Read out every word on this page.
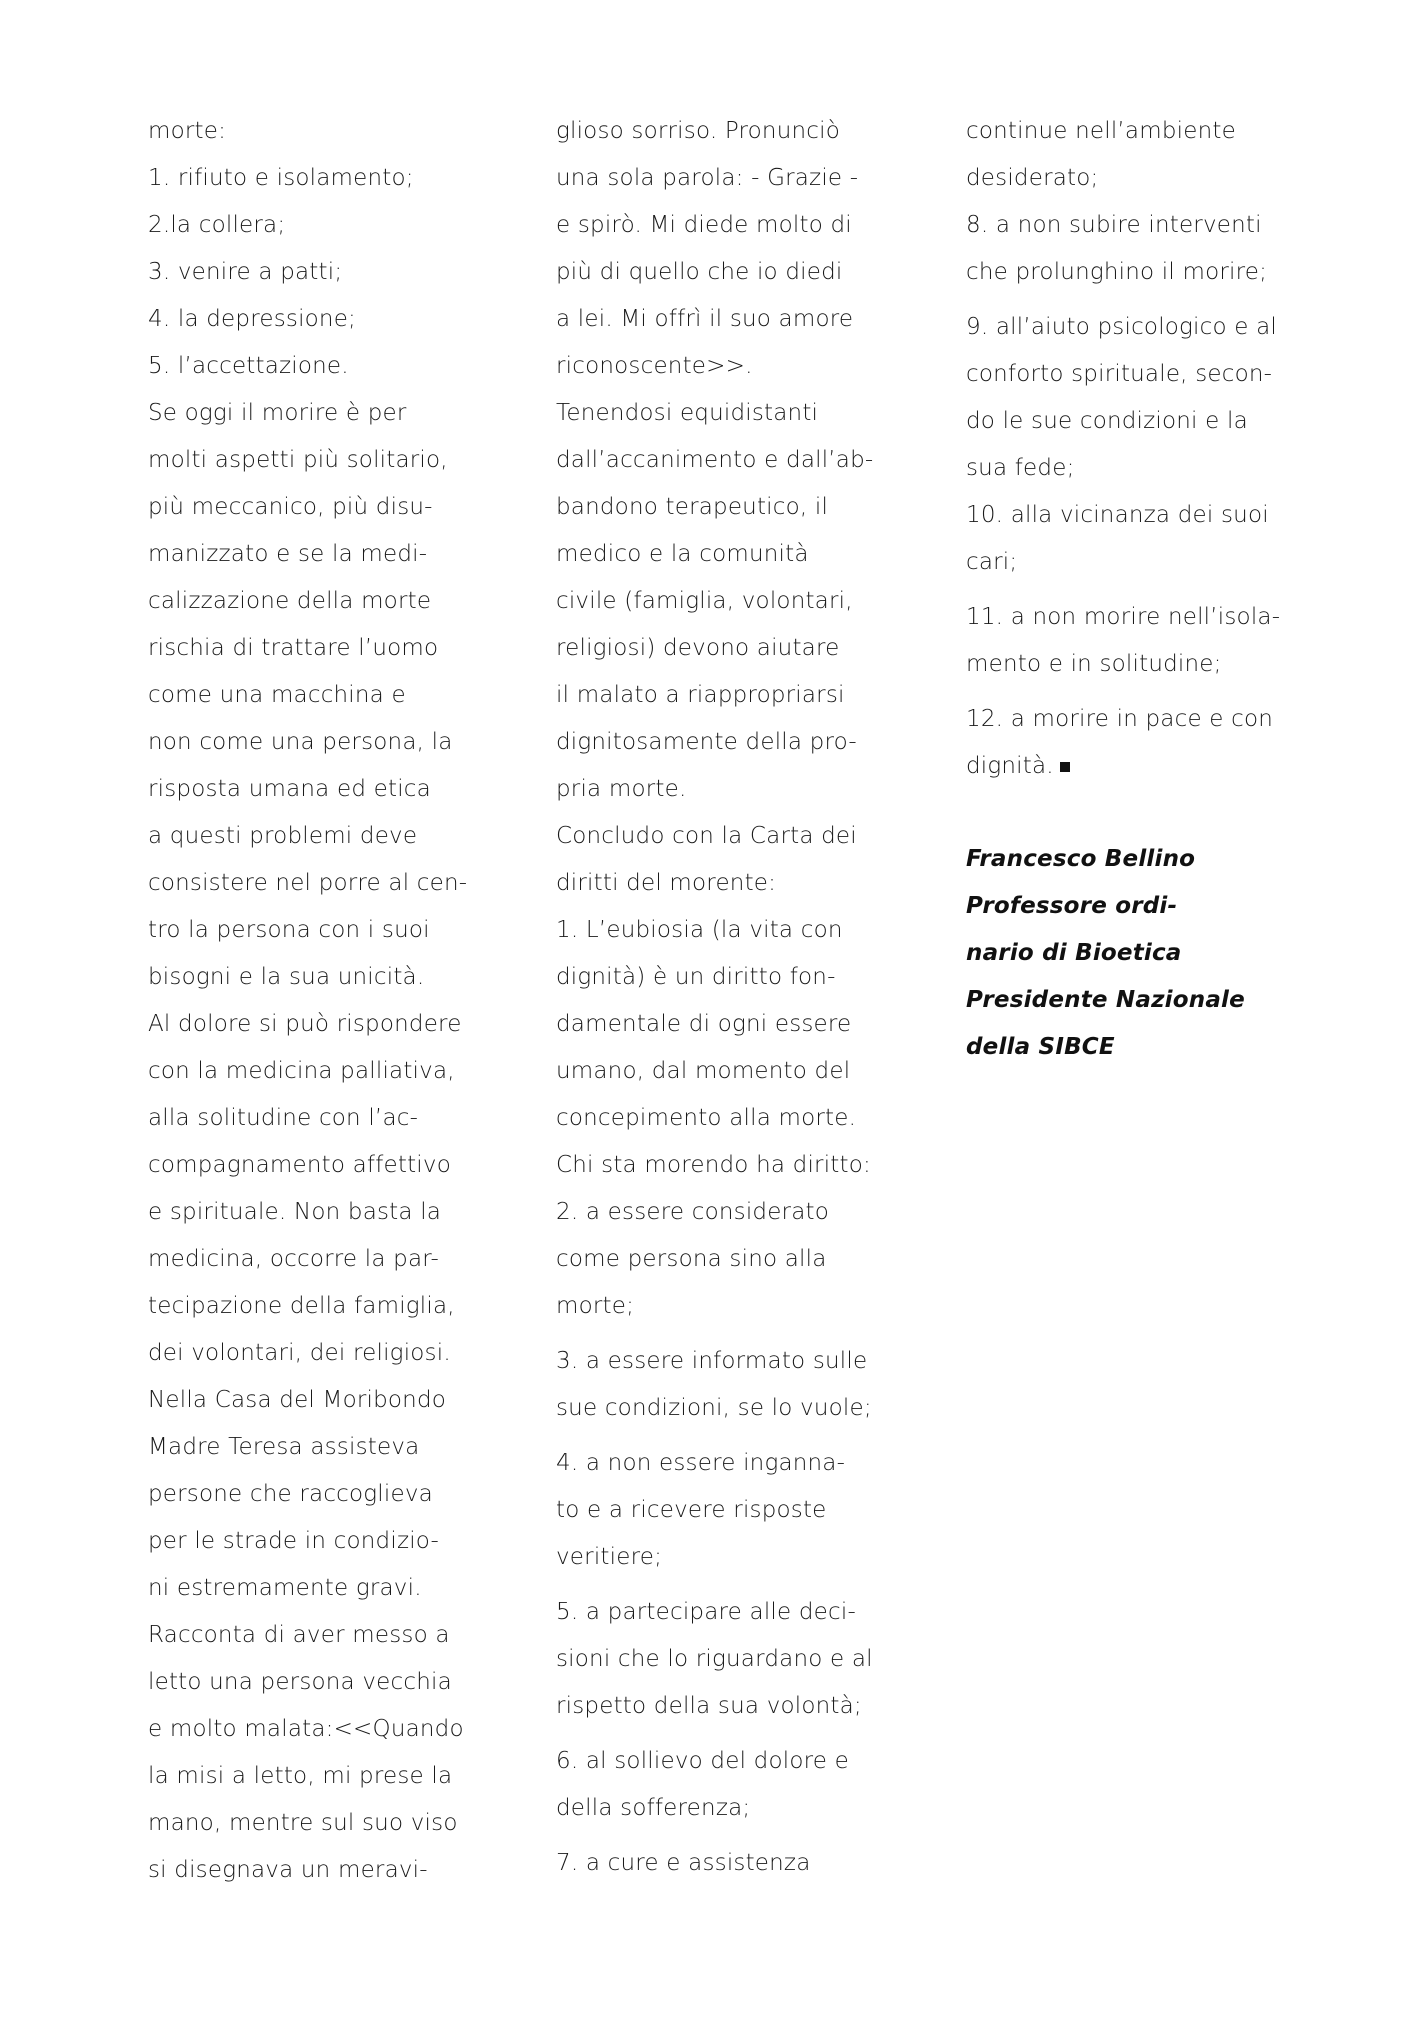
morte:
1. rifiuto e isolamento;
2.la collera;
3. venire a patti;
4. la depressione;
5. l’accettazione.
Se oggi il morire è per
molti aspetti più solitario,
più meccanico, più disu-
manizzato e se la medi-
calizzazione della morte
rischia di trattare l’uomo
come una macchina e
non come una persona, la
risposta umana ed etica
a questi problemi deve
consistere nel porre al cen-
tro la persona con i suoi
bisogni e la sua unicità.
Al dolore si può rispondere
con la medicina palliativa,
alla solitudine con l’ac-
compagnamento affettivo
e spirituale. Non basta la
medicina, occorre la par-
tecipazione della famiglia,
dei volontari, dei religiosi.
Nella Casa del Moribondo
Madre Teresa assisteva
persone che raccoglieva
per le strade in condizio-
ni estremamente gravi.
Racconta di aver messo a
letto una persona vecchia
e molto malata:<<Quando
la misi a letto, mi prese la
mano, mentre sul suo viso
si disegnava un meravi-
glioso sorriso. Pronunciò
una sola parola: - Grazie -
e spirò. Mi diede molto di
più di quello che io diedi
a lei. Mi offrì il suo amore
riconoscente>>.
Tenendosi equidistanti
dall’accanimento e dall’ab-
bandono terapeutico, il
medico e la comunità
civile (famiglia, volontari,
religiosi) devono aiutare
il malato a riappropriarsi
dignitosamente della pro-
pria morte.
Concludo con la Carta dei
diritti del morente:
1. L’eubiosia (la vita con
dignità) è un diritto fon-
damentale di ogni essere
umano, dal momento del
concepimento alla morte.
Chi sta morendo ha diritto:
2. a essere considerato
come persona sino alla
morte;
3. a essere informato sulle
sue condizioni, se lo vuole;
4. a non essere inganna-
to e a ricevere risposte
veritiere;
5. a partecipare alle deci-
sioni che lo riguardano e al
rispetto della sua volontà;
6. al sollievo del dolore e
della sofferenza;
7. a cure e assistenza
continue nell’ambiente
desiderato;
8. a non subire interventi
che prolunghino il morire;
9. all’aiuto psicologico e al
conforto spirituale, secon-
do le sue condizioni e la
sua fede;
10. alla vicinanza dei suoi
cari;
11. a non morire nell’isola-
mento e in solitudine;
12. a morire in pace e con
dignità.
Francesco Bellino
Professore ordi-
nario di Bioetica
Presidente Nazionale
della SIBCE
